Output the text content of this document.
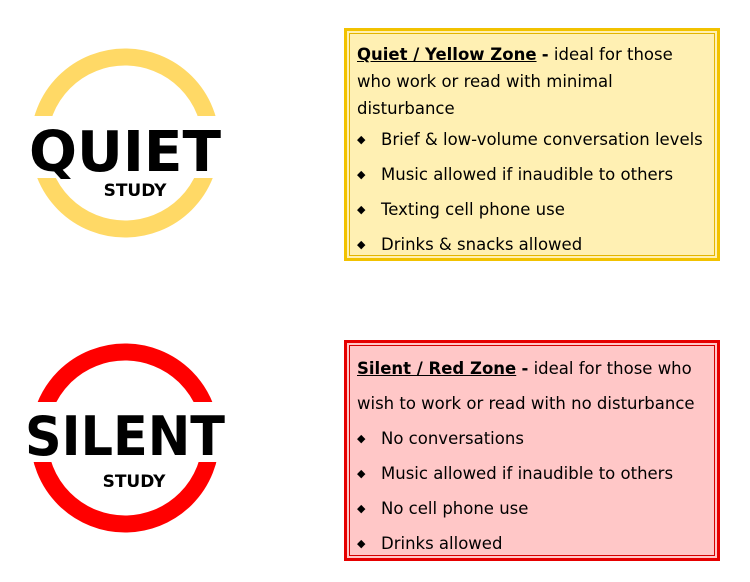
QUIET
STUDY
SILENT
STUDY
Quiet / Yellow Zone - ideal for those who work or read with minimal disturbance
◆ Brief & low-volume conversation levels
◆ Music allowed if inaudible to others
◆ Texting cell phone use
◆ Drinks & snacks allowed
Silent / Red Zone - ideal for those who wish to work or read with no disturbance
◆ No conversations
◆ Music allowed if inaudible to others
◆ No cell phone use
◆ Drinks allowed
